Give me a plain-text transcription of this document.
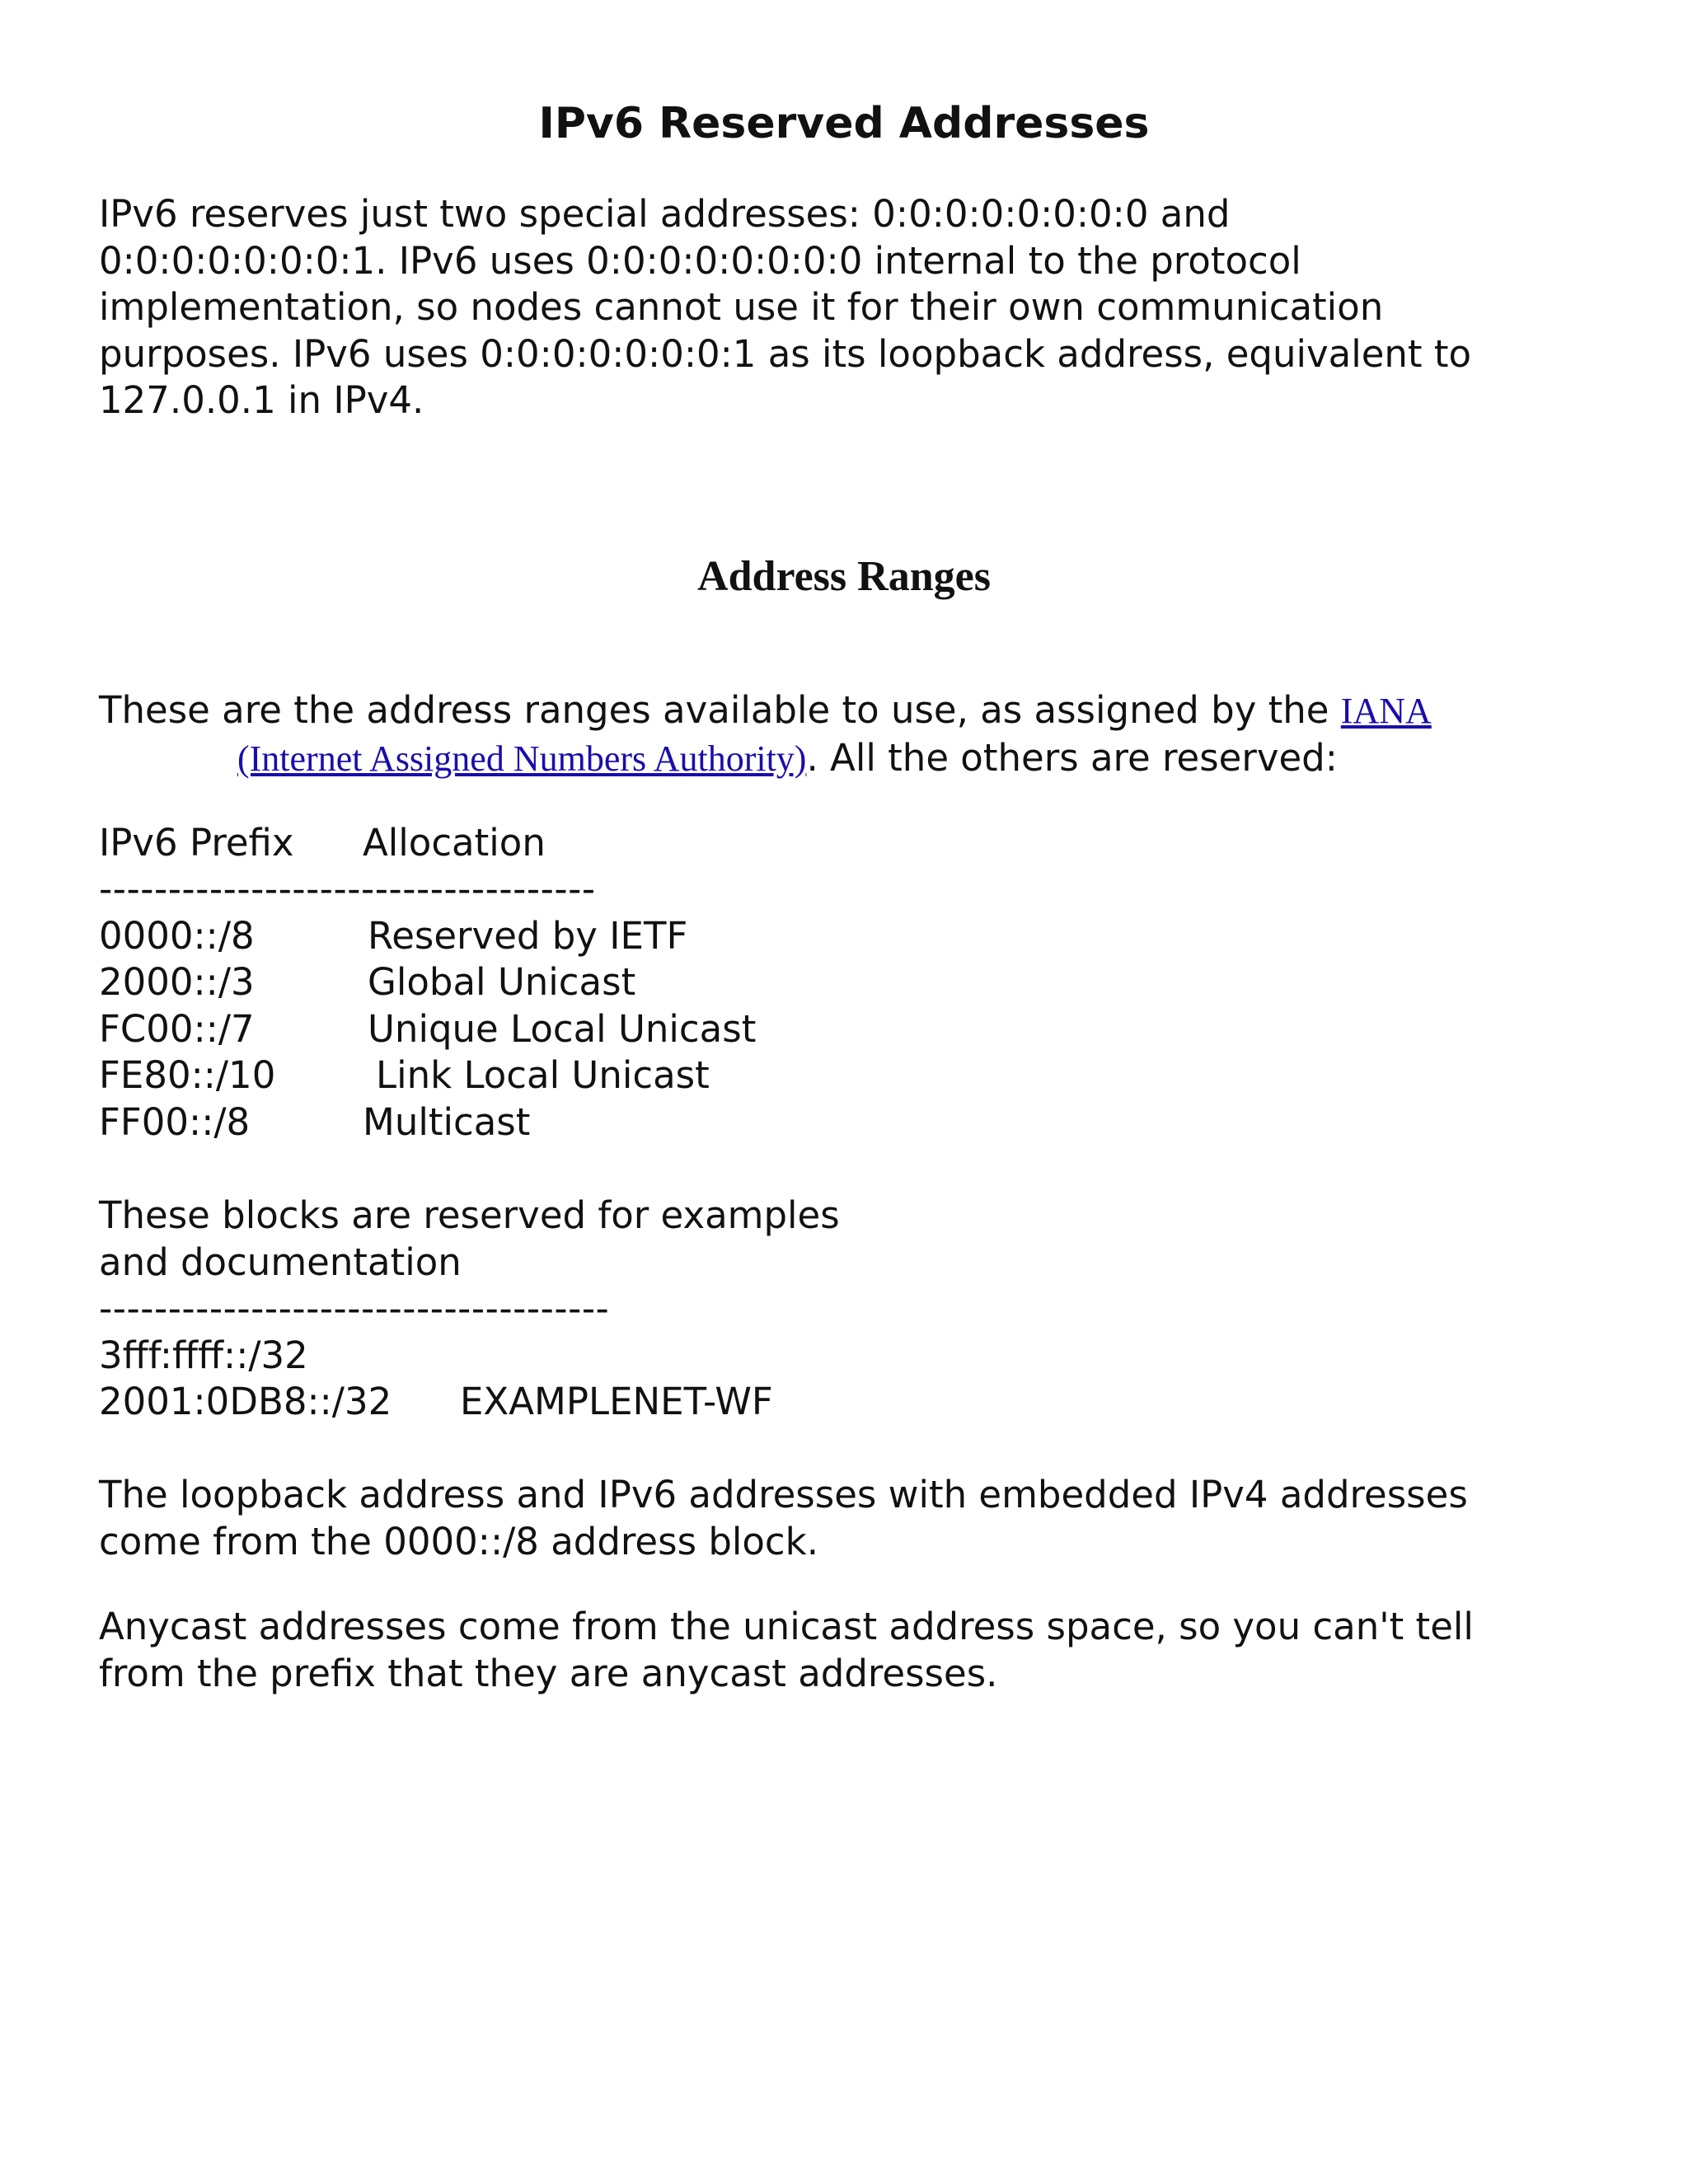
IPv6 Reserved Addresses
IPv6 reserves just two special addresses: 0:0:0:0:0:0:0:0 and
0:0:0:0:0:0:0:1. IPv6 uses 0:0:0:0:0:0:0:0 internal to the protocol
implementation, so nodes cannot use it for their own communication
purposes. IPv6 uses 0:0:0:0:0:0:0:1 as its loopback address, equivalent to
127.0.0.1 in IPv4.
Address Ranges
These are the address ranges available to use, as assigned by the IANA
(Internet Assigned Numbers Authority). All the others are reserved:
IPv6 Prefix Allocation
------------------------------------
0000::/8	Reserved by IETF
2000::/3	Global Unicast
FC00::/7	Unique Local Unicast
FE80::/10	Link Local Unicast
FF00::/8	Multicast
These blocks are reserved for examples
and documentation
-------------------------------------
3fff:ffff::/32
2001:0DB8::/32 EXAMPLENET-WF
The loopback address and IPv6 addresses with embedded IPv4 addresses
come from the 0000::/8 address block.
Anycast addresses come from the unicast address space, so you can't tell
from the prefix that they are anycast addresses.
